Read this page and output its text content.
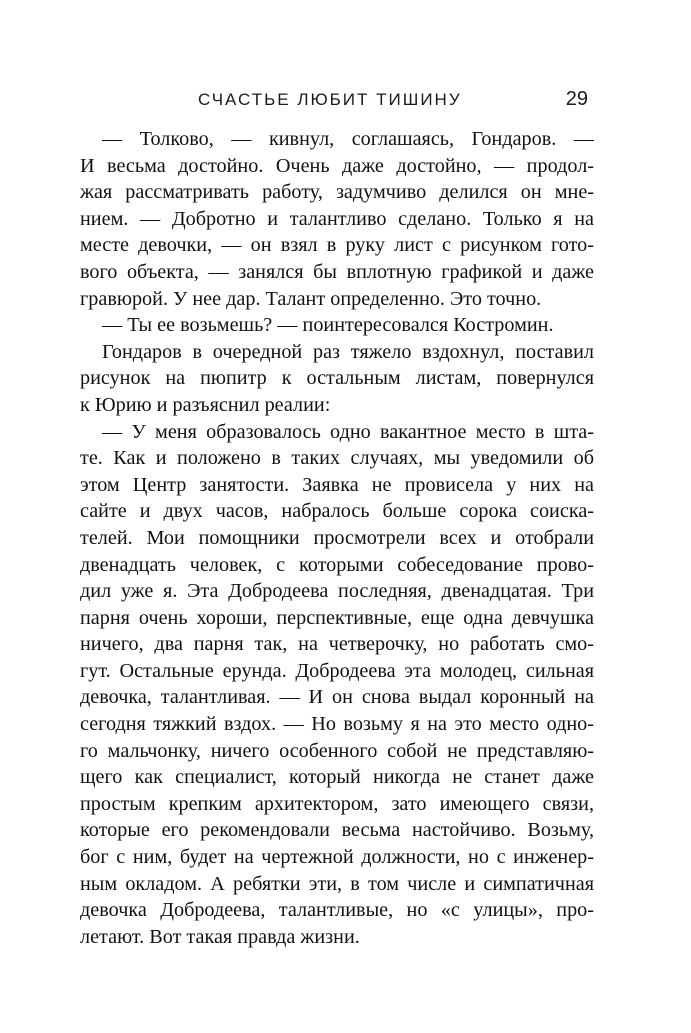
СЧАСТЬЕ ЛЮБИТ ТИШИНУ	29
— Толково, — кивнул, соглашаясь, Гондаров. —
И весьма достойно. Очень даже достойно, — продол-
жая рассматривать работу, задумчиво делился он мне-
нием. — Добротно и талантливо сделано. Только я на
месте девочки, — он взял в руку лист с рисунком гото-
вого объекта, — занялся бы вплотную графикой и даже
гравюрой. У нее дар. Талант определенно. Это точно.
— Ты ее возьмешь? — поинтересовался Костромин.
Гондаров в очередной раз тяжело вздохнул, поставил
рисунок на пюпитр к остальным листам, повернулся
к Юрию и разъяснил реалии:
— У меня образовалось одно вакантное место в шта-
те. Как и положено в таких случаях, мы уведомили об
этом Центр занятости. Заявка не провисела у них на
сайте и двух часов, набралось больше сорока соиска-
телей. Мои помощники просмотрели всех и отобрали
двенадцать человек, с которыми собеседование прово-
дил уже я. Эта Добродеева последняя, двенадцатая. Три
парня очень хороши, перспективные, еще одна девчушка
ничего, два парня так, на четверочку, но работать смо-
гут. Остальные ерунда. Добродеева эта молодец, сильная
девочка, талантливая. — И он снова выдал коронный на
сегодня тяжкий вздох. — Но возьму я на это место одно-
го мальчонку, ничего особенного собой не представляю-
щего как специалист, который никогда не станет даже
простым крепким архитектором, зато имеющего связи,
которые его рекомендовали весьма настойчиво. Возьму,
бог с ним, будет на чертежной должности, но с инженер-
ным окладом. А ребятки эти, в том числе и симпатичная
девочка Добродеева, талантливые, но «с улицы», про-
летают. Вот такая правда жизни.
